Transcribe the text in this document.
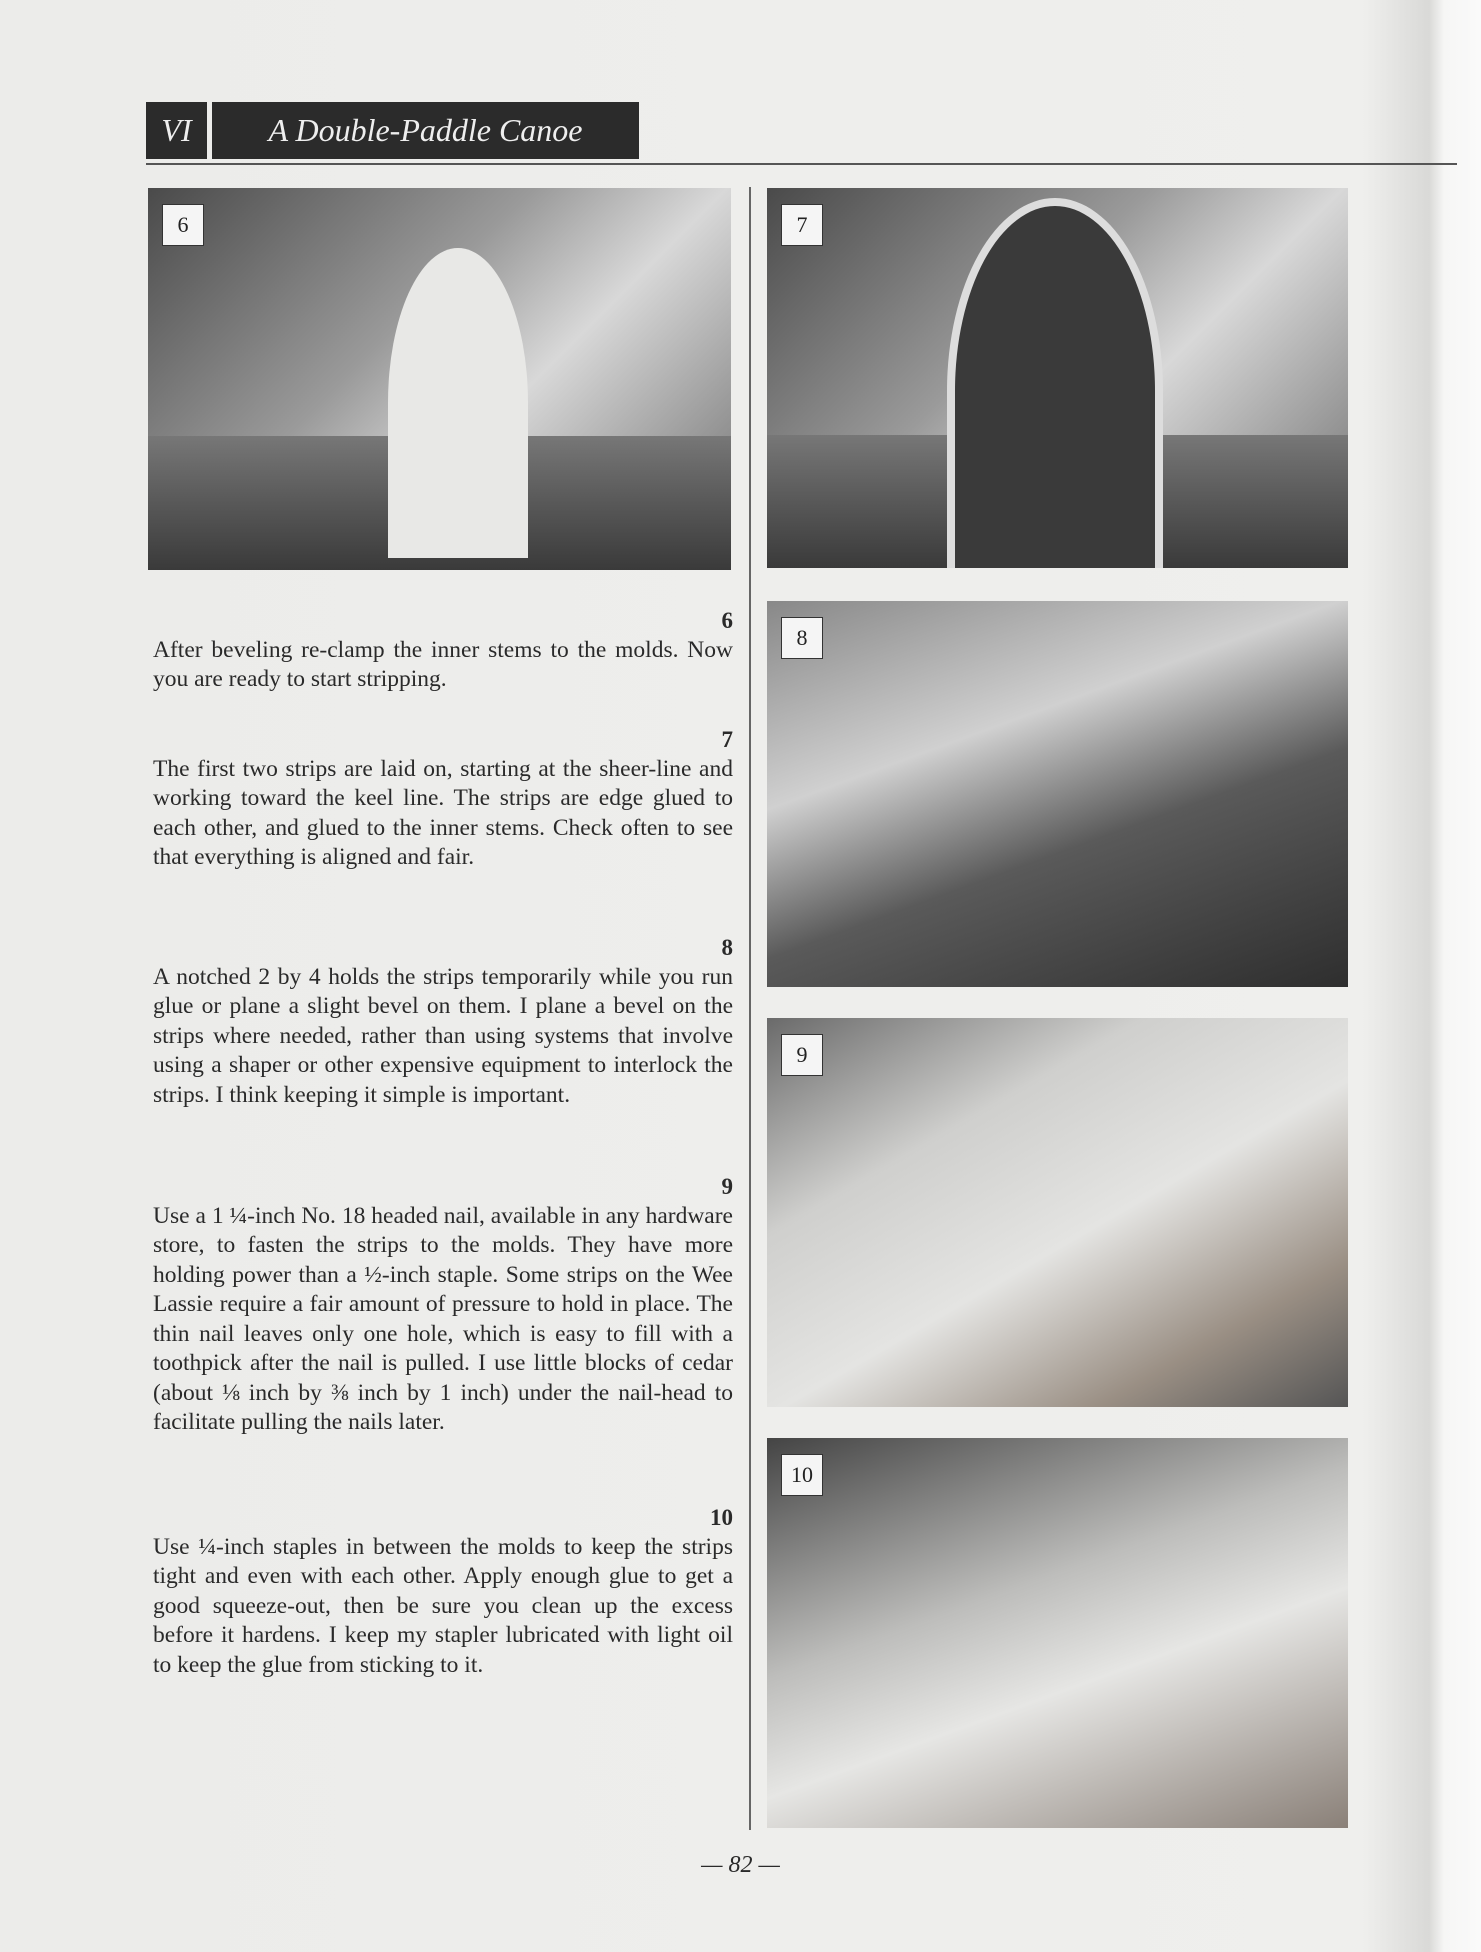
VI A Double-Paddle Canoe
6	7
8
9
10
6
After beveling re-clamp the inner stems to the molds. Now you are ready to start stripping.
7
The first two strips are laid on, starting at the sheer-line and working toward the keel line. The strips are edge glued to each other, and glued to the inner stems. Check often to see that everything is aligned and fair.
8
A notched 2 by 4 holds the strips temporarily while you run glue or plane a slight bevel on them. I plane a bevel on the strips where needed, rather than using systems that involve using a shaper or other expensive equipment to interlock the strips. I think keeping it simple is important.
9
Use a 1 ¼-inch No. 18 headed nail, available in any hardware store, to fasten the strips to the molds. They have more holding power than a ½-inch staple. Some strips on the Wee Lassie require a fair amount of pressure to hold in place. The thin nail leaves only one hole, which is easy to fill with a toothpick after the nail is pulled. I use little blocks of cedar (about ⅛ inch by ⅜ inch by 1 inch) under the nail-head to facilitate pulling the nails later.
10
Use ¼-inch staples in between the molds to keep the strips tight and even with each other. Apply enough glue to get a good squeeze-out, then be sure you clean up the excess before it hardens. I keep my stapler lubricated with light oil to keep the glue from sticking to it.
— 82 —
